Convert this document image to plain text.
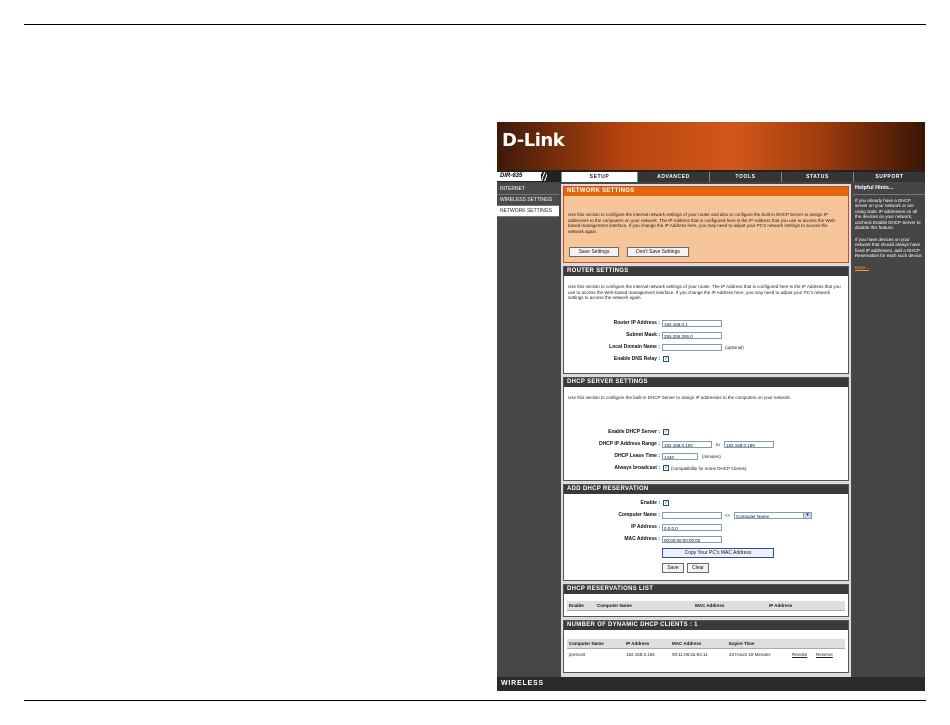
D-Link
DIR-635	SETUP	ADVANCED	TOOLS	STATUS	SUPPORT
INTERNET
WIRELESS SETTINGS
NETWORK SETTINGS
NETWORK SETTINGS
Use this section to configure the internal network settings of your router and also to configure the built-in DHCP Server to assign IP addresses to the computers on your network. The IP Address that is configured here is the IP Address that you use to access the Web-based management interface. If you change the IP Address here, you may need to adjust your PC's network settings to access the network again.
Save Settings	Don't Save Settings
ROUTER SETTINGS
Use this section to configure the internal network settings of your router. The IP Address that is configured here is the IP Address that you use to access the Web-based management interface. If you change the IP Address here, you may need to adjust your PC's network settings to access the network again.
Router IP Address : 192.168.0.1
Subnet Mask : 255.255.255.0
Local Domain Name :	(optional)
Enable DNS Relay : ✓
DHCP SERVER SETTINGS
Use this section to configure the built-in DHCP Server to assign IP addresses to the computers on your network.
Enable DHCP Server : ✓
DHCP IP Address Range : 192.168.0.100	to	192.168.0.199
DHCP Lease Time : 1440	(minutes)
Always broadcast : ✓ (compatibility for some DHCP Clients)
ADD DHCP RESERVATION
Enable : ✓
Computer Name :	<<	Computer Name	▾
IP Address : 0.0.0.0
MAC Address : 00:00:00:00:00:00
Copy Your PC's MAC Address
Save	Clear
DHCP RESERVATIONS LIST
Enable	Computer Name	MAC Address	IP Address
NUMBER OF DYNAMIC DHCP CLIENTS : 1
Computer Name	IP Address	MAC Address	Expire Time
prescott	192.168.0.156	00:11:09:2a:94:11	23 Hours 18 Minutes	Revoke Reserve
Helpful Hints...

If you already have a DHCP server on your network or are using static IP addresses on all the devices on your network, uncheck Enable DHCP Server to disable this feature.

If you have devices on your network that should always have fixed IP addresses, add a DHCP Reservation for each such device.

More...
WIRELESS
